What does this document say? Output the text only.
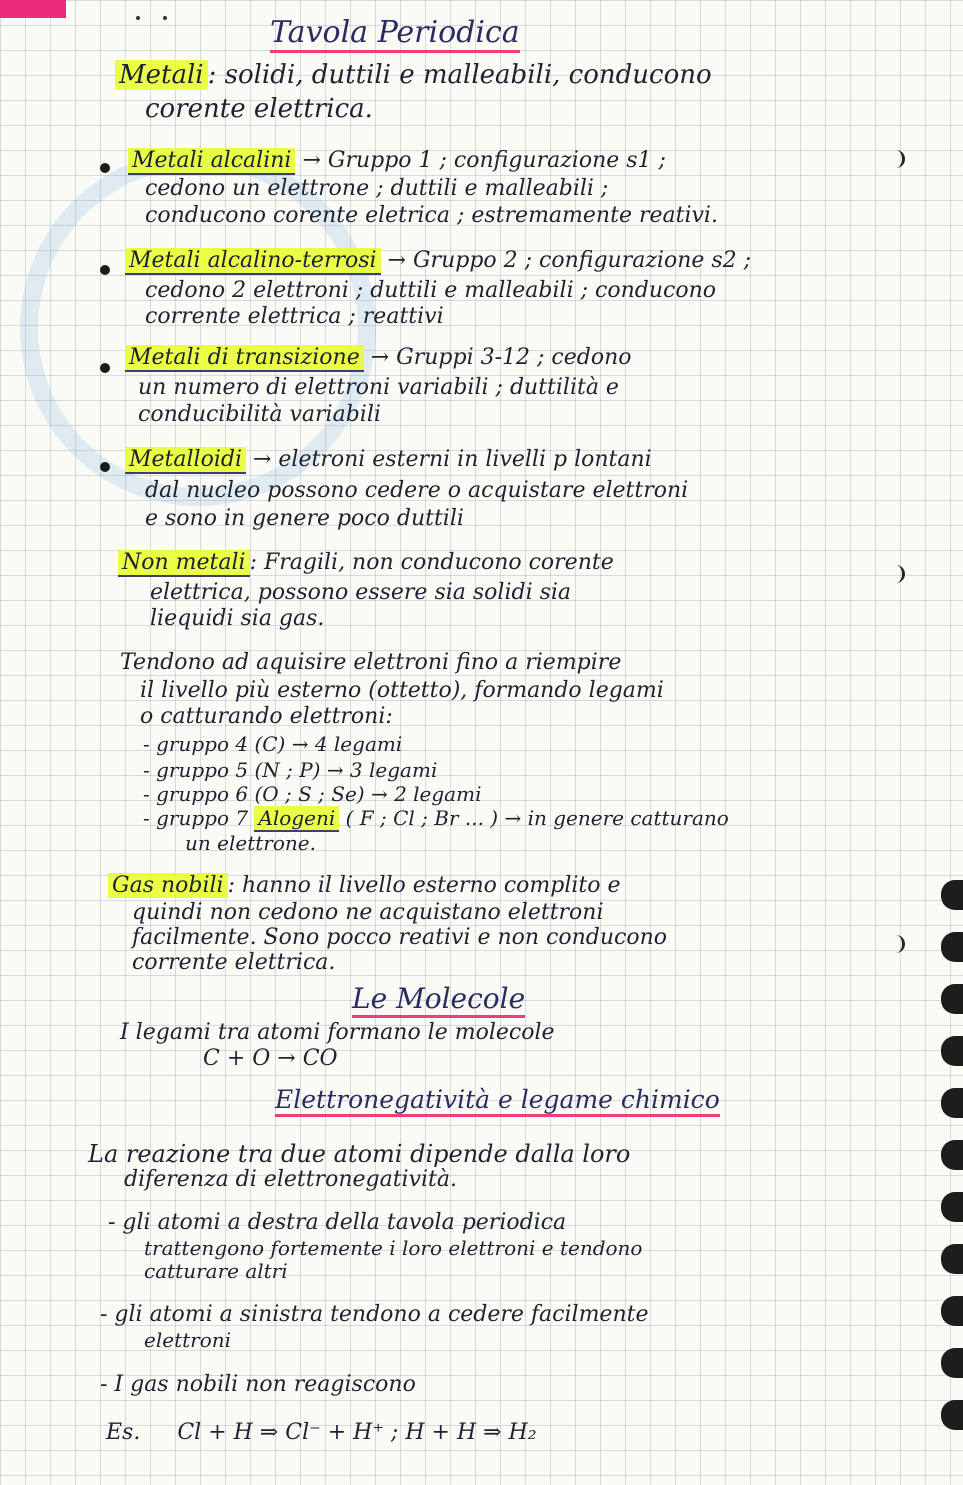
Tavola Periodica
Metali : solidi, duttili e malleabili, conducono
corente elettrica.
Metali alcalini → Gruppo 1 ; configurazione s1 ;
cedono un elettrone ; duttili e malleabili ;
conducono corente eletrica ; estremamente reativi.
Metali alcalino-terrosi → Gruppo 2 ; configurazione s2 ;
cedono 2 elettroni ; duttili e malleabili ; conducono
corrente elettrica ; reattivi
Metali di transizione → Gruppi 3-12 ; cedono
un numero di elettroni variabili ; duttilità e
conducibilità variabili
Metalloidi → eletroni esterni in livelli p lontani
dal nucleo possono cedere o acquistare elettroni
e sono in genere poco duttili
Non metali : Fragili, non conducono corente
elettrica, possono essere sia solidi sia
liequidi sia gas.
Tendono ad aquisire elettroni fino a riempire
il livello più esterno (ottetto), formando legami
o catturando elettroni:
- gruppo 4 (C) → 4 legami
- gruppo 5 (N ; P) → 3 legami
- gruppo 6 (O ; S ; Se) → 2 legami
- gruppo 7 Alogeni ( F ; Cl ; Br ... ) → in genere catturano
un elettrone.
Gas nobili : hanno il livello esterno complito e
quindi non cedono ne acquistano elettroni
facilmente. Sono pocco reativi e non conducono
corrente elettrica.
Le Molecole
I legami tra atomi formano le molecole
C + O → CO
Elettronegatività e legame chimico
La reazione tra due atomi dipende dalla loro
diferenza di elettronegatività.
- gli atomi a destra della tavola periodica
trattengono fortemente i loro elettroni e tendono
catturare altri
- gli atomi a sinistra tendono a cedere facilmente
elettroni
- I gas nobili non reagiscono
Es. Cl + H ⇒ Cl⁻ + H⁺ ; H + H ⇒ H₂
